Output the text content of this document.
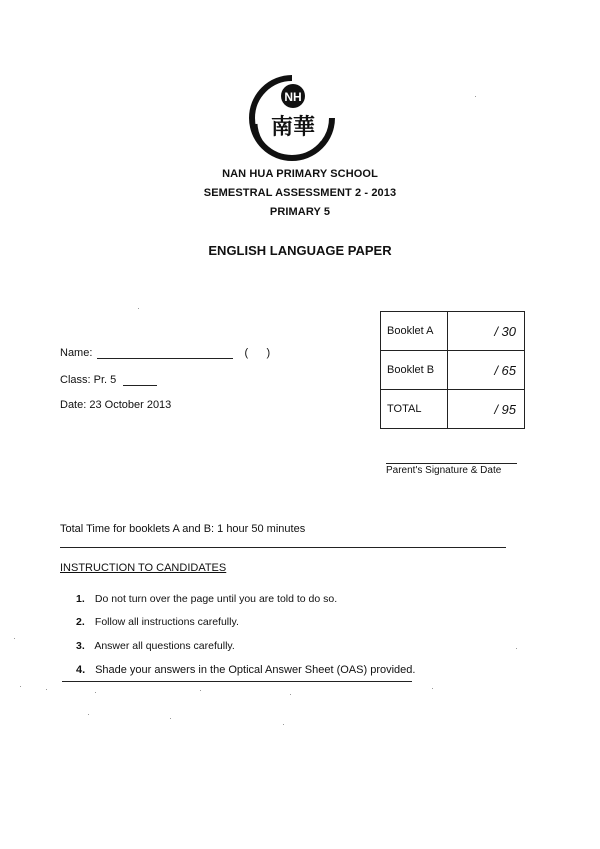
NH
南華
NAN HUA PRIMARY SCHOOL
SEMESTRAL ASSESSMENT 2 - 2013
PRIMARY 5
ENGLISH LANGUAGE PAPER
Name:	(      )
Class: Pr. 5
Date: 23 October 2013
Booklet A	/ 30
Booklet B	/ 65
TOTAL	/ 95
Parent's Signature & Date
Total Time for booklets A and B: 1 hour 50 minutes
INSTRUCTION TO CANDIDATES
1. Do not turn over the page until you are told to do so.
2. Follow all instructions carefully.
3. Answer all questions carefully.
4. Shade your answers in the Optical Answer Sheet (OAS) provided.
